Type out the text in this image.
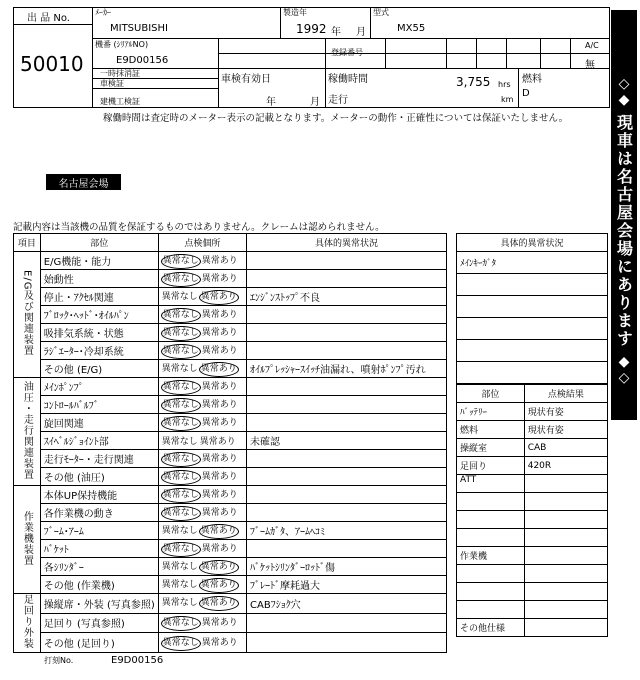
出 品 No.
50010
ﾒｰｶｰ
MITSUBISHI
製造年
1992 年 月
型式
MX55
機番 (ｼﾘｱﾙNO)
E9D00156
登録番号
A/C
無
一時抹消証
車検証
建機工検証
車検有効日
年	月
稼働時間	3,755 hrs
走行	km
燃料
D
稼働時間は査定時のメーター表示の記載となります。メーターの動作・正確性については保証いたしません。
◇◆
現車は名古屋会場にあります
◆◇
名古屋会場
記載内容は当該機の品質を保証するものではありません。クレームは認められません。
項目	部位	点検個所	具体的異常状況
E/G及び関連装置	E/G機能・能力	異常なし 異常あり	
	始動性	異常なし 異常あり	
	停止・ｱｸｾﾙ関連	異常なし 異常あり	ｴﾝｼﾞﾝｽﾄｯﾌﾟ不良
	ﾌﾞﾛｯｸ･ﾍｯﾄﾞ･ｵｲﾙﾊﾟﾝ	異常なし 異常あり	
	吸排気系統・状態	異常なし 異常あり	
	ﾗｼﾞｴｰﾀｰ･冷却系統	異常なし 異常あり	
	その他 (E/G)	異常なし 異常あり	ｵｲﾙﾌﾟﾚｯｼｬｰｽｲｯﾁ油漏れ、噴射ﾎﾟﾝﾌﾟ汚れ
油圧・走行関連装置	ﾒｲﾝﾎﾟﾝﾌﾟ	異常なし 異常あり	
	ｺﾝﾄﾛｰﾙﾊﾞﾙﾌﾞ	異常なし 異常あり	
	旋回関連	異常なし 異常あり	
	ｽｲﾍﾞﾙｼﾞｮｲﾝﾄ部	異常なし 異常あり	未確認
	走行ﾓｰﾀｰ・走行関連	異常なし 異常あり	
	その他 (油圧)	異常なし 異常あり	
作業機装置	本体UP保持機能	異常なし 異常あり	
	各作業機の動き	異常なし 異常あり	
	ﾌﾞｰﾑ･ｱｰﾑ	異常なし 異常あり	ﾌﾞｰﾑｶﾞﾀ、ｱｰﾑﾍｺﾐ
	ﾊﾞｹｯﾄ	異常なし 異常あり	
	各ｼﾘﾝﾀﾞｰ	異常なし 異常あり	ﾊﾞｹｯﾄｼﾘﾝﾀﾞｰﾛｯﾄﾞ傷
	その他 (作業機)	異常なし 異常あり	ﾌﾞﾚｰﾄﾞ摩耗過大
足回り外装	操縦席・外装 (写真参照)	異常なし 異常あり	CABﾌｼｮｸ穴
	足回り (写真参照)	異常なし 異常あり	
	その他 (足回り)	異常なし 異常あり	
具体的異常状況
ﾒｲﾝｷｰｶﾞﾀ

部位	点検結果
ﾊﾞｯﾃﾘｰ	現状有姿
燃料	現状有姿
操縦室	CAB
足回り	420R
ATT	

作業機	

その他仕様	
打刻No.	E9D00156
